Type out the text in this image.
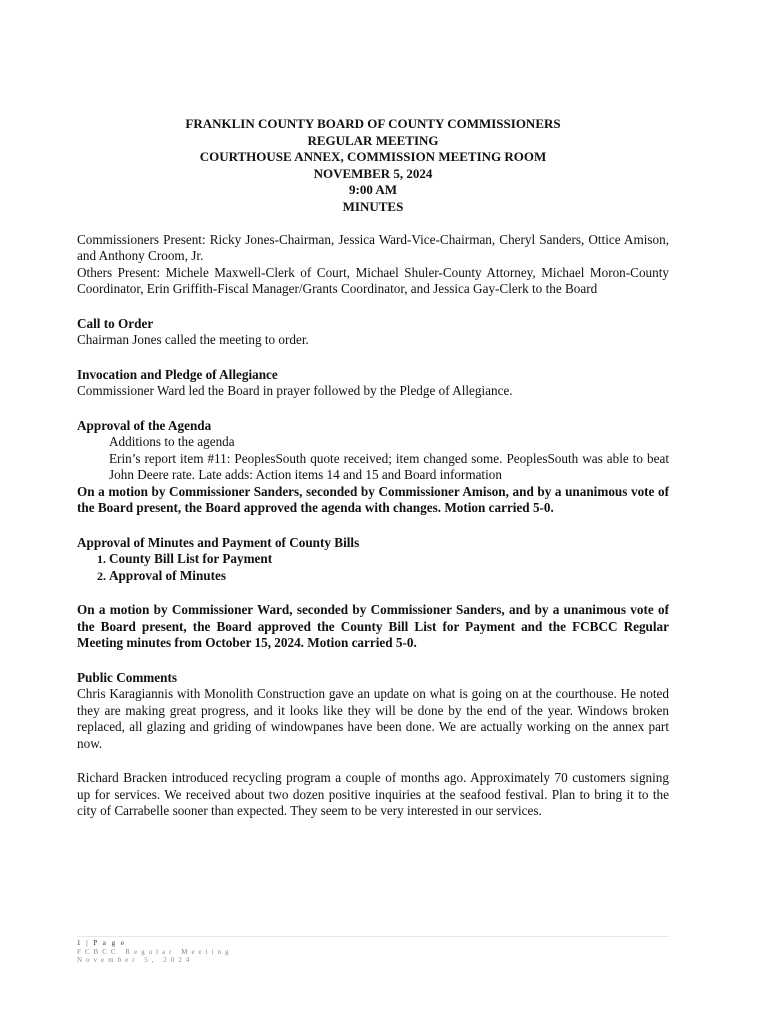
FRANKLIN COUNTY BOARD OF COUNTY COMMISSIONERS
REGULAR MEETING
COURTHOUSE ANNEX, COMMISSION MEETING ROOM
NOVEMBER 5, 2024
9:00 AM
MINUTES

Commissioners Present: Ricky Jones-Chairman, Jessica Ward-Vice-Chairman, Cheryl Sanders, Ottice Amison, and Anthony Croom, Jr.

Others Present: Michele Maxwell-Clerk of Court, Michael Shuler-County Attorney, Michael Moron-County Coordinator, Erin Griffith-Fiscal Manager/Grants Coordinator, and Jessica Gay-Clerk to the Board

Call to Order

Chairman Jones called the meeting to order.

Invocation and Pledge of Allegiance

Commissioner Ward led the Board in prayer followed by the Pledge of Allegiance.

Approval of the Agenda

Additions to the agenda

Erin’s report item #11: PeoplesSouth quote received; item changed some. PeoplesSouth was able to beat John Deere rate. Late adds: Action items 14 and 15 and Board information

On a motion by Commissioner Sanders, seconded by Commissioner Amison, and by a unanimous vote of the Board present, the Board approved the agenda with changes. Motion carried 5-0.

Approval of Minutes and Payment of County Bills
1. County Bill List for Payment
2. Approval of Minutes

On a motion by Commissioner Ward, seconded by Commissioner Sanders, and by a unanimous vote of the Board present, the Board approved the County Bill List for Payment and the FCBCC Regular Meeting minutes from October 15, 2024. Motion carried 5-0.

Public Comments

Chris Karagiannis with Monolith Construction gave an update on what is going on at the courthouse. He noted they are making great progress, and it looks like they will be done by the end of the year. Windows broken replaced, all glazing and griding of windowpanes have been done. We are actually working on the annex part now.

Richard Bracken introduced recycling program a couple of months ago. Approximately 70 customers signing up for services. We received about two dozen positive inquiries at the seafood festival. Plan to bring it to the city of Carrabelle sooner than expected. They seem to be very interested in our services.

1 | P a g e
FCBCC Regular Meeting
November 5, 2024
